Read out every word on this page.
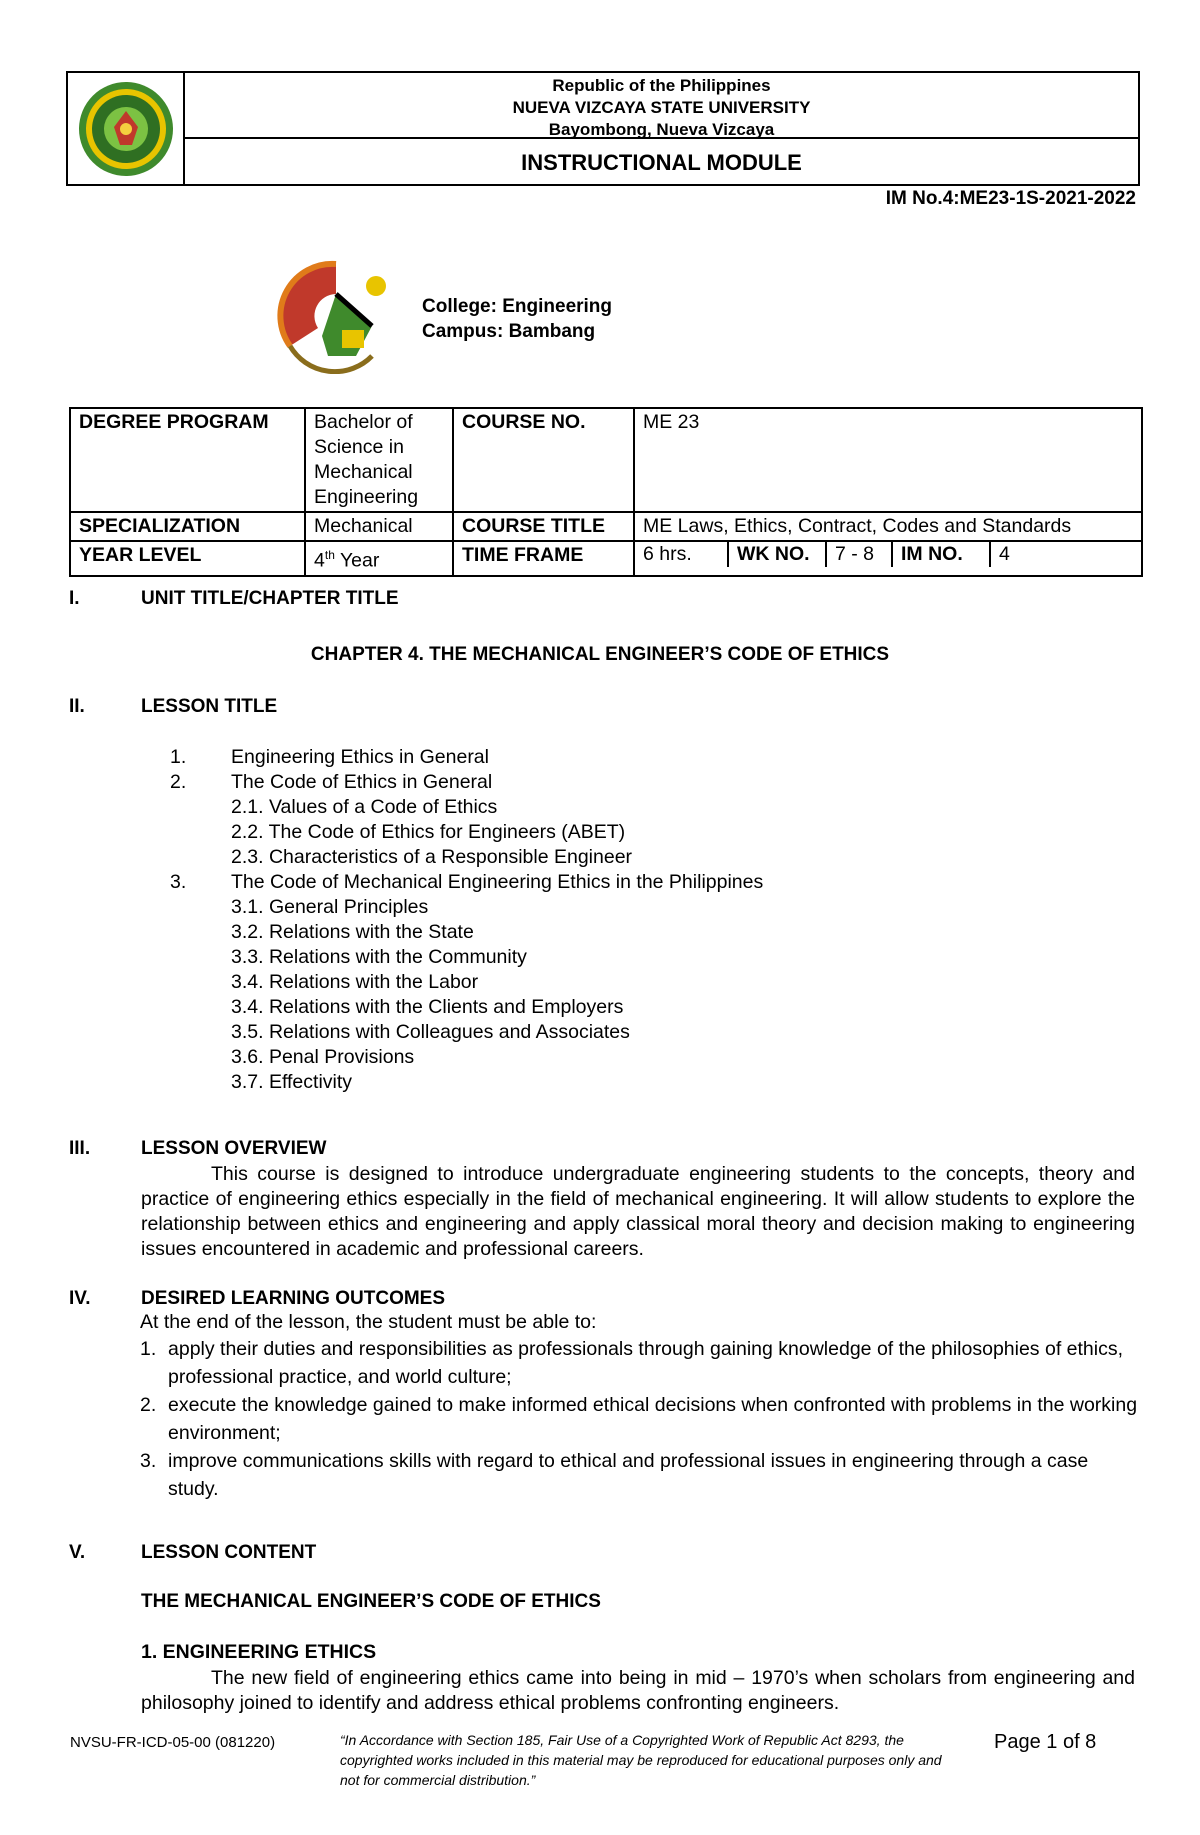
Republic of the Philippines
NUEVA VIZCAYA STATE UNIVERSITY
Bayombong, Nueva Vizcaya
INSTRUCTIONAL MODULE
IM No.4:ME23-1S-2021-2022
College: Engineering
Campus: Bambang
DEGREE PROGRAM	Bachelor of Science in Mechanical Engineering	COURSE NO.	ME 23
SPECIALIZATION	Mechanical	COURSE TITLE	ME Laws, Ethics, Contract, Codes and Standards
YEAR LEVEL	4th Year	TIME FRAME	6 hrs. WK NO. 7 - 8 IM NO. 4
I.	UNIT TITLE/CHAPTER TITLE
CHAPTER 4. THE MECHANICAL ENGINEER’S CODE OF ETHICS
II.	LESSON TITLE
1. Engineering Ethics in General
2. The Code of Ethics in General
2.1. Values of a Code of Ethics
2.2. The Code of Ethics for Engineers (ABET)
2.3. Characteristics of a Responsible Engineer
3. The Code of Mechanical Engineering Ethics in the Philippines
3.1. General Principles
3.2. Relations with the State
3.3. Relations with the Community
3.4. Relations with the Labor
3.4. Relations with the Clients and Employers
3.5. Relations with Colleagues and Associates
3.6. Penal Provisions
3.7. Effectivity
III.	LESSON OVERVIEW

This course is designed to introduce undergraduate engineering students to the concepts, theory and practice of engineering ethics especially in the field of mechanical engineering. It will allow students to explore the relationship between ethics and engineering and apply classical moral theory and decision making to engineering issues encountered in academic and professional careers.

IV.	DESIRED LEARNING OUTCOMES
At the end of the lesson, the student must be able to:
1. apply their duties and responsibilities as professionals through gaining knowledge of the philosophies of ethics, professional practice, and world culture;
2. execute the knowledge gained to make informed ethical decisions when confronted with problems in the working environment;
3. improve communications skills with regard to ethical and professional issues in engineering through a case study.
V.	LESSON CONTENT
THE MECHANICAL ENGINEER’S CODE OF ETHICS
1. ENGINEERING ETHICS

The new field of engineering ethics came into being in mid – 1970’s when scholars from engineering and philosophy joined to identify and address ethical problems confronting engineers.

NVSU-FR-ICD-05-00 (081220)	“In Accordance with Section 185, Fair Use of a Copyrighted Work of Republic Act 8293, the copyrighted works included in this material may be reproduced for educational purposes only and not for commercial distribution.”
Page 1 of 8
